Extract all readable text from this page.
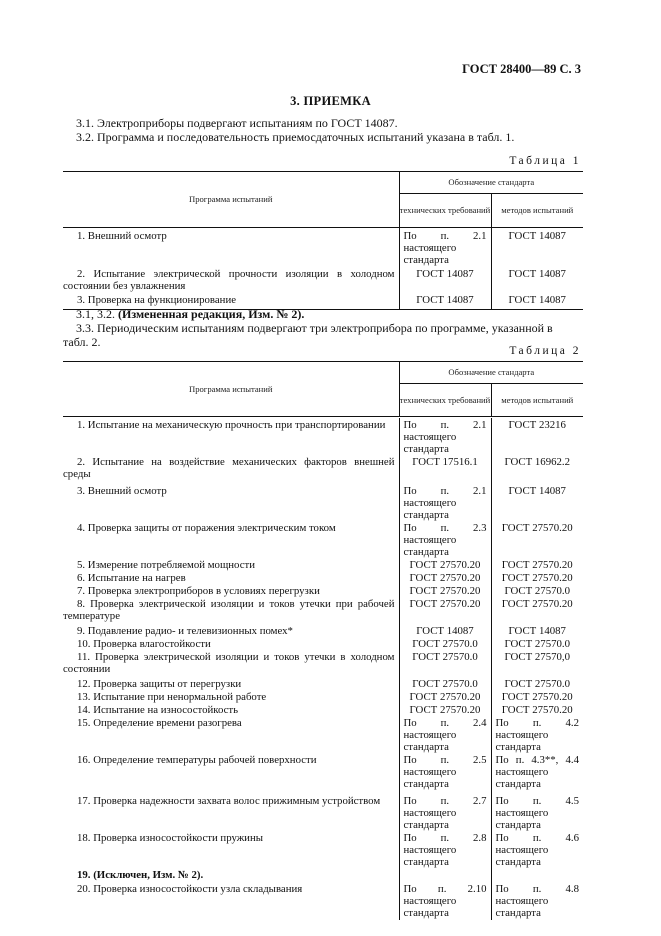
ГОСТ 28400—89 С. 3
3. ПРИЕМКА
3.1. Электроприборы подвергают испытаниям по ГОСТ 14087.
3.2. Программа и последовательность приемосдаточных испытаний указана в табл. 1.
Таблица 1
Программа испытаний	Обозначение стандарта	
	технических требований	методов испытаний
1. Внешний осмотр	По п. 2.1 настоящего стандарта	ГОСТ 14087
2. Испытание электрической прочности изоляции в холодном состоянии без увлажнения	ГОСТ 14087	ГОСТ 14087
3. Проверка на функционирование	ГОСТ 14087	ГОСТ 14087
3.1, 3.2. (Измененная редакция, Изм. № 2).
3.3. Периодическим испытаниям подвергают три электроприбора по программе, указанной в
табл. 2.
Таблица 2
Программа испытаний	Обозначение стандарта	
	технических требований	методов испытаний
1. Испытание на механическую прочность при транспортировании	По п. 2.1 настоящего стандарта	ГОСТ 23216
2. Испытание на воздействие механических факторов внешней среды	ГОСТ 17516.1	ГОСТ 16962.2
3. Внешний осмотр	По п. 2.1 настоящего стандарта	ГОСТ 14087
4. Проверка защиты от поражения электрическим током	По п. 2.3 настоящего стандарта	ГОСТ 27570.20
5. Измерение потребляемой мощности	ГОСТ 27570.20	ГОСТ 27570.20
6. Испытание на нагрев	ГОСТ 27570.20	ГОСТ 27570.20
7. Проверка электроприборов в условиях перегрузки	ГОСТ 27570.20	ГОСТ 27570.0
8. Проверка электрической изоляции и токов утечки при рабочей температуре	ГОСТ 27570.20	ГОСТ 27570.20
9. Подавление радио- и телевизионных помех*	ГОСТ 14087	ГОСТ 14087
10. Проверка влагостойкости	ГОСТ 27570.0	ГОСТ 27570.0
11. Проверка электрической изоляции и токов утечки в холодном состоянии	ГОСТ 27570.0	ГОСТ 27570,0
12. Проверка защиты от перегрузки	ГОСТ 27570.0	ГОСТ 27570.0
13. Испытание при ненормальной работе	ГОСТ 27570.20	ГОСТ 27570.20
14. Испытание на износостойкость	ГОСТ 27570.20	ГОСТ 27570.20
15. Определение времени разогрева	По п. 2.4 настоящего стандарта	По п. 4.2 настоящего стандарта
16. Определение температуры рабочей поверхности	По п. 2.5 настоящего стандарта	По п. 4.3**, 4.4 настоящего стандарта
17. Проверка надежности захвата волос прижимным устройством	По п. 2.7 настоящего стандарта	По п. 4.5 настоящего стандарта
18. Проверка износостойкости пружины	По п. 2.8 настоящего стандарта	По п. 4.6 настоящего стандарта
19. (Исключен, Изм. № 2).		
20. Проверка износостойкости узла складывания	По п. 2.10 настоящего стандарта	По п. 4.8 настоящего стандарта
